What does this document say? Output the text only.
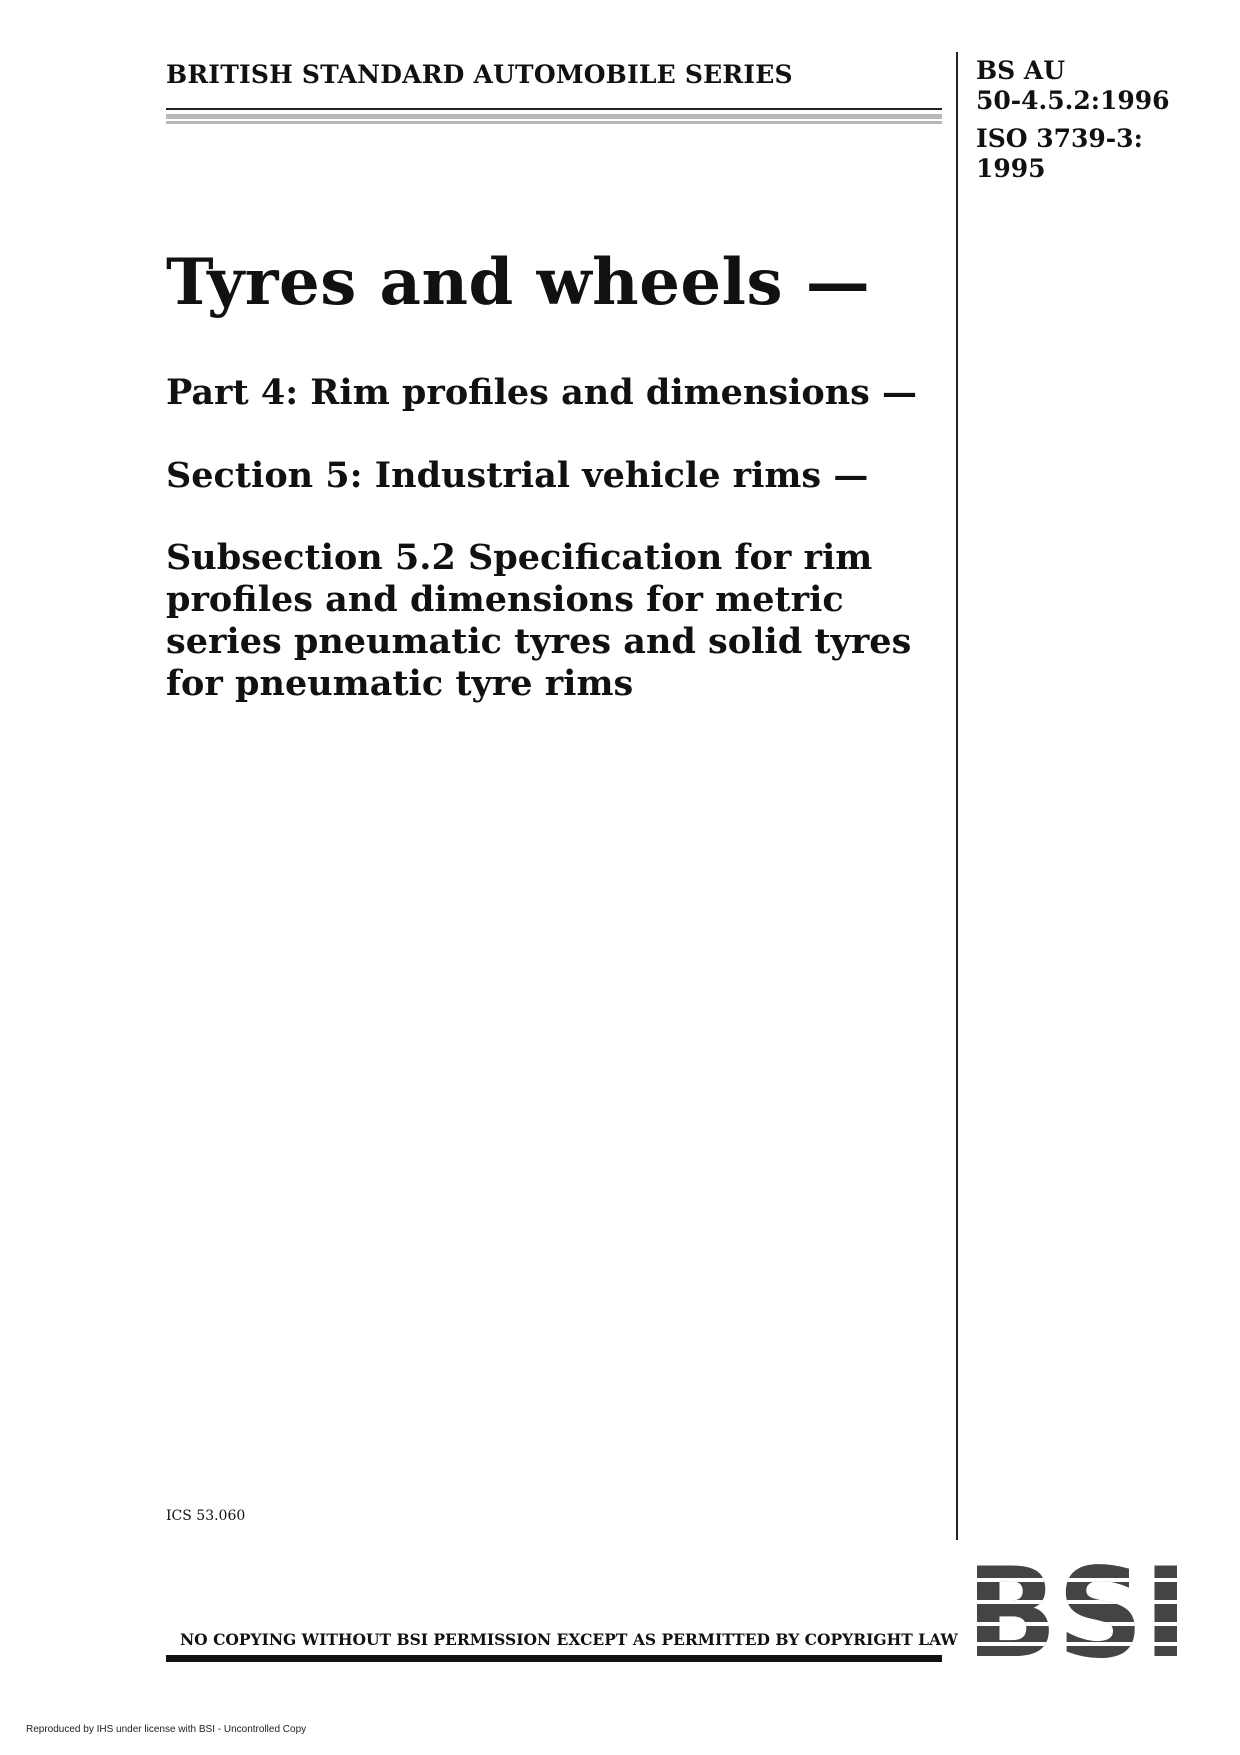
BRITISH STANDARD AUTOMOBILE SERIES	BS AU
50-4.5.2:1996
ISO 3739-3:
1995
Tyres and wheels —
Part 4: Rim profiles and dimensions —
Section 5: Industrial vehicle rims —
Subsection 5.2 Specification for rim profiles and dimensions for metric series pneumatic tyres and solid tyres for pneumatic tyre rims
ICS 53.060
NO COPYING WITHOUT BSI PERMISSION EXCEPT AS PERMITTED BY COPYRIGHT LAW
Reproduced by IHS under license with BSI - Uncontrolled Copy
